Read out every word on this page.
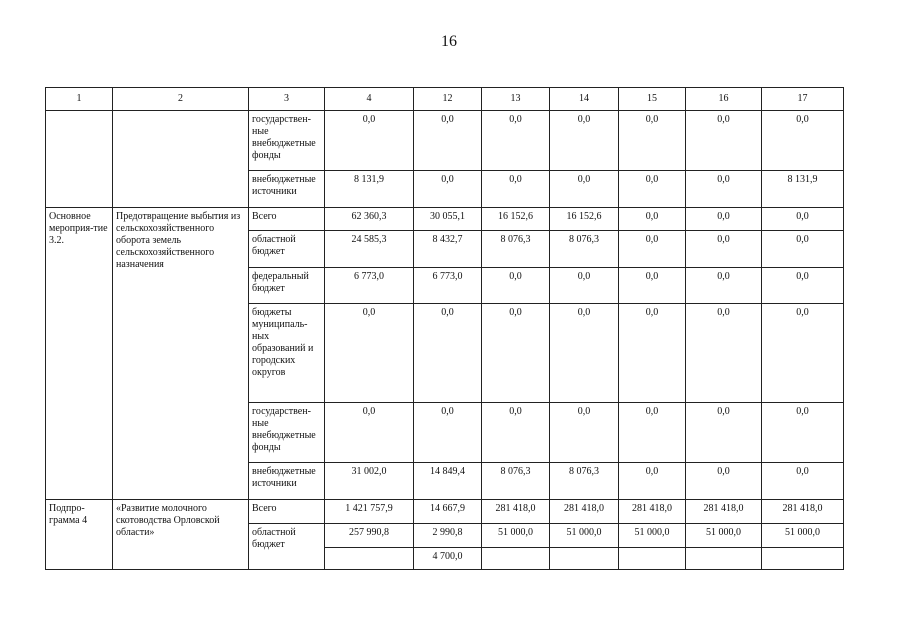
16
1	2	3	4	12	13	14	15	16	17
		государствен-ные внебюджетные фонды	0,0	0,0	0,0	0,0	0,0	0,0	0,0
		внебюджетные источники	8 131,9	0,0	0,0	0,0	0,0	0,0	8 131,9
Основное мероприя-тие 3.2.	Предотвращение выбытия из сельскохозяйственного оборота земель сельскохозяйственного назначения	Всего	62 360,3	30 055,1	16 152,6	16 152,6	0,0	0,0	0,0
		областной бюджет	24 585,3	8 432,7	8 076,3	8 076,3	0,0	0,0	0,0
		федеральный бюджет	6 773,0	6 773,0	0,0	0,0	0,0	0,0	0,0
		бюджеты муниципаль-ных образований и городских округов	0,0	0,0	0,0	0,0	0,0	0,0	0,0
		государствен-ные внебюджетные фонды	0,0	0,0	0,0	0,0	0,0	0,0	0,0
		внебюджетные источники	31 002,0	14 849,4	8 076,3	8 076,3	0,0	0,0	0,0
Подпро-грамма 4	«Развитие молочного скотоводства Орловской области»	Всего	1 421 757,9	14 667,9	281 418,0	281 418,0	281 418,0	281 418,0	281 418,0
		областной бюджет	257 990,8	2 990,8	51 000,0	51 000,0	51 000,0	51 000,0	51 000,0
				4 700,0					
